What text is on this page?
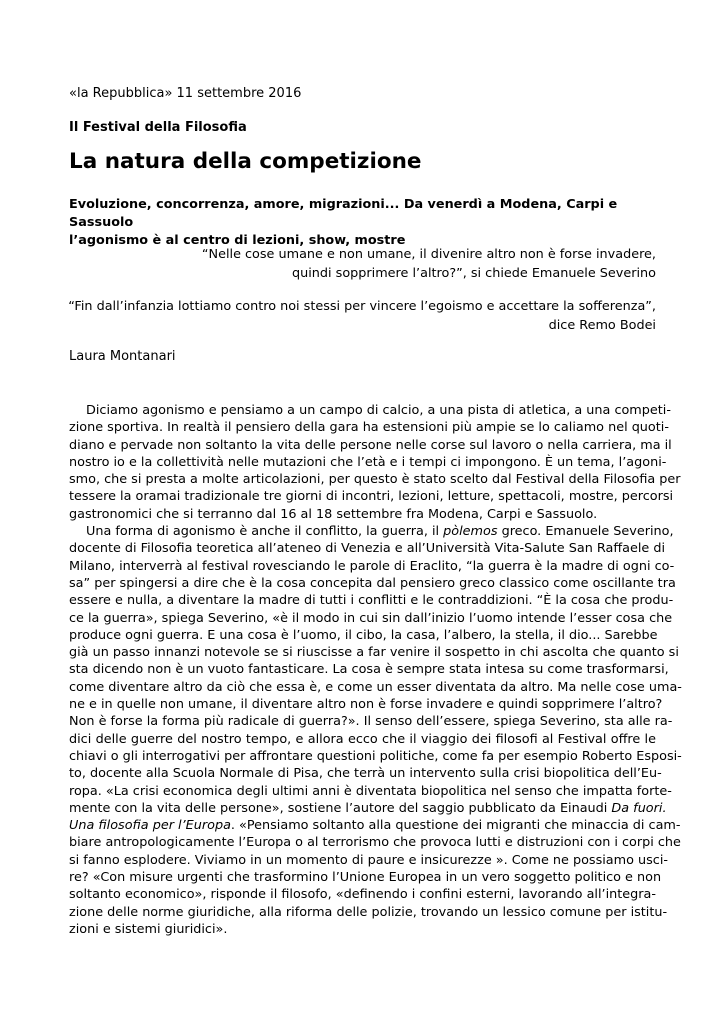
«la Repubblica» 11 settembre 2016
Il Festival della Filosofia
La natura della competizione
Evoluzione, concorrenza, amore, migrazioni... Da venerdì a Modena, Carpi e Sassuolo
l’agonismo è al centro di lezioni, show, mostre
“Nelle cose umane e non umane, il divenire altro non è forse invadere,
quindi sopprimere l’altro?”, si chiede Emanuele Severino
“Fin dall’infanzia lottiamo contro noi stessi per vincere l’egoismo e accettare la sofferenza”,
dice Remo Bodei
Laura Montanari
Diciamo agonismo e pensiamo a un campo di calcio, a una pista di atletica, a una competi-
zione sportiva. In realtà il pensiero della gara ha estensioni più ampie se lo caliamo nel quoti-
diano e pervade non soltanto la vita delle persone nelle corse sul lavoro o nella carriera, ma il
nostro io e la collettività nelle mutazioni che l’età e i tempi ci impongono. È un tema, l’agoni-
smo, che si presta a molte articolazioni, per questo è stato scelto dal Festival della Filosofia per
tessere la oramai tradizionale tre giorni di incontri, lezioni, letture, spettacoli, mostre, percorsi
gastronomici che si terranno dal 16 al 18 settembre fra Modena, Carpi e Sassuolo.
Una forma di agonismo è anche il conflitto, la guerra, il pòlemos greco. Emanuele Severino,
docente di Filosofia teoretica all’ateneo di Venezia e all’Università Vita-Salute San Raffaele di
Milano, interverrà al festival rovesciando le parole di Eraclito, “la guerra è la madre di ogni co-
sa” per spingersi a dire che è la cosa concepita dal pensiero greco classico come oscillante tra
essere e nulla, a diventare la madre di tutti i conflitti e le contraddizioni. “È la cosa che produ-
ce la guerra», spiega Severino, «è il modo in cui sin dall’inizio l’uomo intende l’esser cosa che
produce ogni guerra. E una cosa è l’uomo, il cibo, la casa, l’albero, la stella, il dio... Sarebbe
già un passo innanzi notevole se si riuscisse a far venire il sospetto in chi ascolta che quanto si
sta dicendo non è un vuoto fantasticare. La cosa è sempre stata intesa su come trasformarsi,
come diventare altro da ciò che essa è, e come un esser diventata da altro. Ma nelle cose uma-
ne e in quelle non umane, il diventare altro non è forse invadere e quindi sopprimere l’altro?
Non è forse la forma più radicale di guerra?». Il senso dell’essere, spiega Severino, sta alle ra-
dici delle guerre del nostro tempo, e allora ecco che il viaggio dei filosofi al Festival offre le
chiavi o gli interrogativi per affrontare questioni politiche, come fa per esempio Roberto Esposi-
to, docente alla Scuola Normale di Pisa, che terrà un intervento sulla crisi biopolitica dell’Eu-
ropa. «La crisi economica degli ultimi anni è diventata biopolitica nel senso che impatta forte-
mente con la vita delle persone», sostiene l’autore del saggio pubblicato da Einaudi Da fuori.
Una filosofia per l’Europa. «Pensiamo soltanto alla questione dei migranti che minaccia di cam-
biare antropologicamente l’Europa o al terrorismo che provoca lutti e distruzioni con i corpi che
si fanno esplodere. Viviamo in un momento di paure e insicurezze ». Come ne possiamo usci-
re? «Con misure urgenti che trasformino l’Unione Europea in un vero soggetto politico e non
soltanto economico», risponde il filosofo, «definendo i confini esterni, lavorando all’integra-
zione delle norme giuridiche, alla riforma delle polizie, trovando un lessico comune per istitu-
zioni e sistemi giuridici».
